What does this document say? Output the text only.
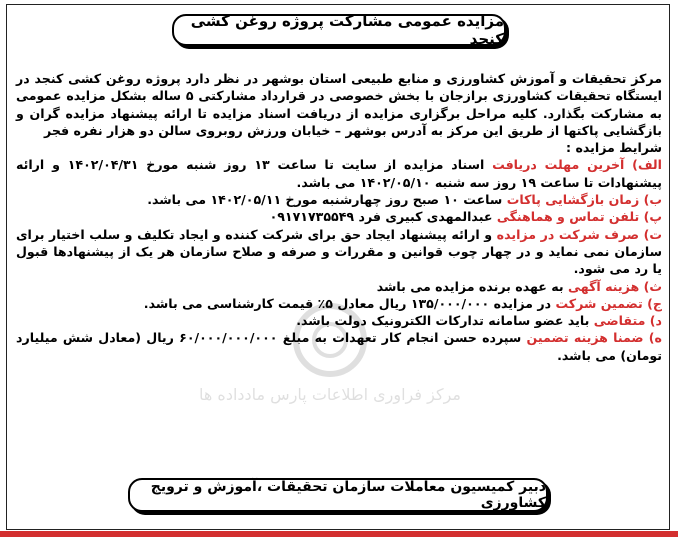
مزایده عمومی مشارکت پروژه روغن کشی کنجد
مرکز فراوری اطلاعات پارس مادداده ها

مرکز تحقیقات و آموزش کشاورزی و منابع طبیعی استان بوشهر در نظر دارد پروژه روغن کشی کنجد در ایستگاه تحقیقات کشاورزی برازجان با بخش خصوصی در قرارداد مشارکتی ۵ ساله بشکل مزایده عمومی به مشارکت بگذارد. کلیه مراحل برگزاری مزایده از دریافت اسناد مزایده تا ارائه پیشنهاد مزایده گران و بازگشایی پاکتها از طریق این مرکز به آدرس بوشهر – خیابان ورزش روبروی سالن دو هزار نفره فجر

شرایط مزایده :
الف) آخرین مهلت دریافت اسناد مزایده از سایت تا ساعت ۱۳ روز شنبه مورخ ۱۴۰۲/۰۴/۳۱ و ارائه پیشنهادات تا ساعت ۱۹ روز سه شنبه ۱۴۰۲/۰۵/۱۰ می باشد.
ب) زمان بازگشایی پاکات ساعت ۱۰ صبح روز چهارشنبه مورخ ۱۴۰۲/۰۵/۱۱ می باشد.
پ) تلفن تماس و هماهنگی عبدالمهدی کبیری فرد ۰۹۱۷۱۷۳۵۵۴۹
ت) صرف شرکت در مزایده و ارائه پیشنهاد ایجاد حق برای شرکت کننده و ایجاد تکلیف و سلب اختیار برای سازمان نمی نماید و در چهار چوب قوانین و مقررات و صرفه و صلاح سازمان هر یک از پیشنهادها قبول یا رد می شود.
ث) هزینه آگهی به عهده برنده مزایده می باشد
ج) تضمین شرکت در مزایده ۱۳۵/۰۰۰/۰۰۰ ریال معادل ۵٪ قیمت کارشناسی می باشد.
د) متقاضی باید عضو سامانه تدارکات الکترونیک دولت باشد.
ه) ضمنا هزینه تضمین سپرده حسن انجام کار تعهدات به مبلغ ۶۰/۰۰۰/۰۰۰/۰۰۰ ریال (معادل شش میلیارد تومان) می باشد.
دبیر کمیسیون معاملات سازمان تحقیقات ،آموزش و ترویج کشاورزی
